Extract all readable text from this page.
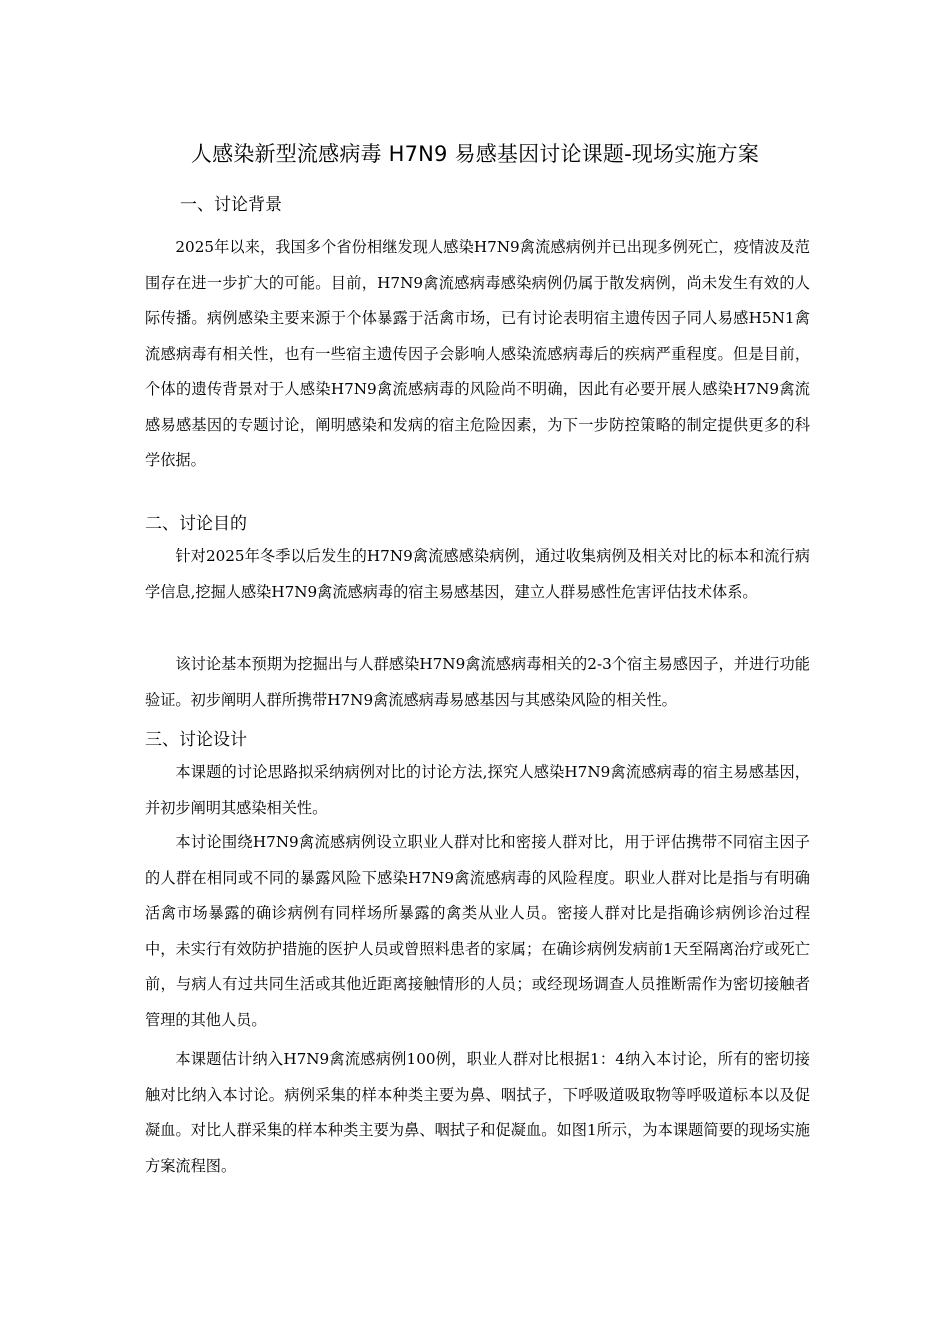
人感染新型流感病毒 H7N9 易感基因讨论课题-现场实施方案
一、讨论背景

2025年以来，我国多个省份相继发现人感染H7N9禽流感病例并已出现多例死亡，疫情波及范围存在进一步扩大的可能。目前，H7N9禽流感病毒感染病例仍属于散发病例，尚未发生有效的人际传播。病例感染主要来源于个体暴露于活禽市场，已有讨论表明宿主遗传因子同人易感H5N1禽流感病毒有相关性，也有一些宿主遗传因子会影响人感染流感病毒后的疾病严重程度。但是目前，个体的遗传背景对于人感染H7N9禽流感病毒的风险尚不明确，因此有必要开展人感染H7N9禽流感易感基因的专题讨论，阐明感染和发病的宿主危险因素，为下一步防控策略的制定提供更多的科学依据。

二、讨论目的

针对2025年冬季以后发生的H7N9禽流感感染病例，通过收集病例及相关对比的标本和流行病学信息,挖掘人感染H7N9禽流感病毒的宿主易感基因，建立人群易感性危害评估技术体系。

该讨论基本预期为挖掘出与人群感染H7N9禽流感病毒相关的2-3个宿主易感因子，并进行功能验证。初步阐明人群所携带H7N9禽流感病毒易感基因与其感染风险的相关性。

三、讨论设计

本课题的讨论思路拟采纳病例对比的讨论方法,探究人感染H7N9禽流感病毒的宿主易感基因，并初步阐明其感染相关性。

本讨论围绕H7N9禽流感病例设立职业人群对比和密接人群对比，用于评估携带不同宿主因子的人群在相同或不同的暴露风险下感染H7N9禽流感病毒的风险程度。职业人群对比是指与有明确活禽市场暴露的确诊病例有同样场所暴露的禽类从业人员。密接人群对比是指确诊病例诊治过程中，未实行有效防护措施的医护人员或曾照料患者的家属；在确诊病例发病前1天至隔离治疗或死亡前，与病人有过共同生活或其他近距离接触情形的人员；或经现场调查人员推断需作为密切接触者管理的其他人员。

本课题估计纳入H7N9禽流感病例100例，职业人群对比根据1：4纳入本讨论，所有的密切接触对比纳入本讨论。病例采集的样本种类主要为鼻、咽拭子，下呼吸道吸取物等呼吸道标本以及促凝血。对比人群采集的样本种类主要为鼻、咽拭子和促凝血。如图1所示，为本课题简要的现场实施方案流程图。
